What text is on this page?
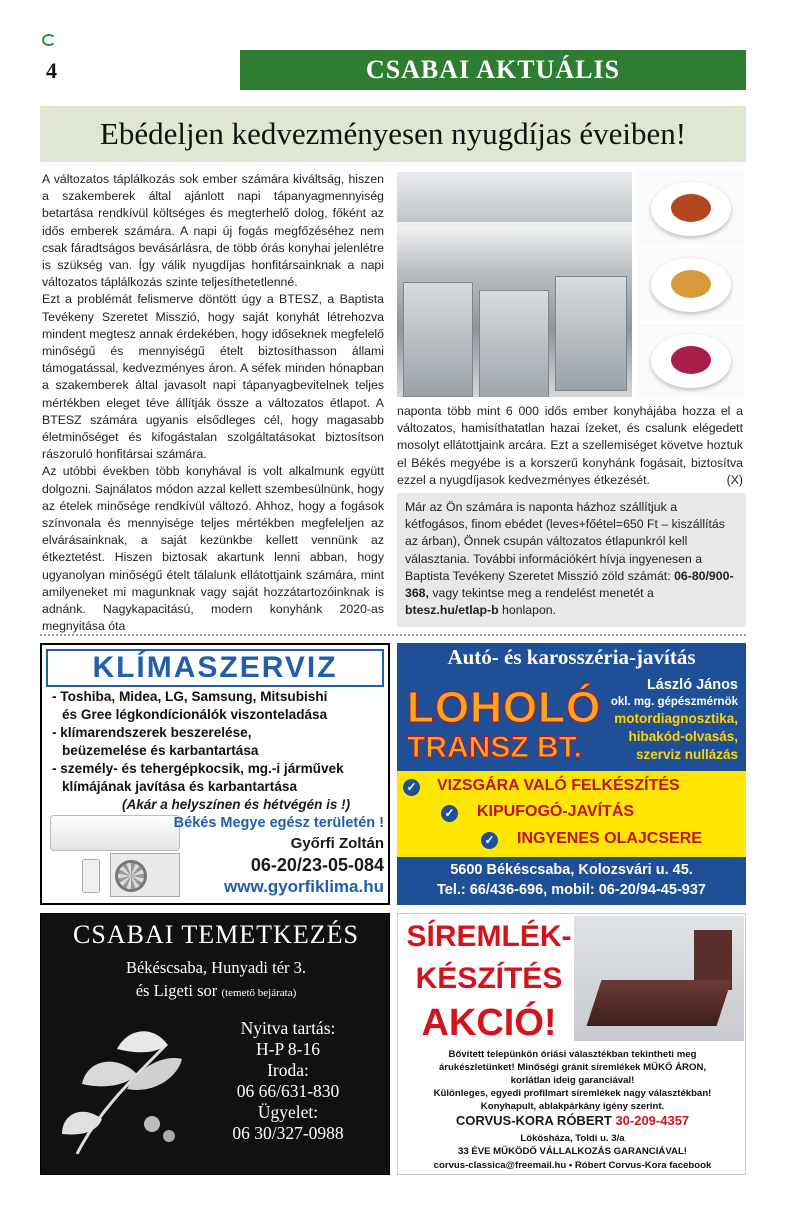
4	CSABAI AKTUÁLIS
Ebédeljen kedvezményesen nyugdíjas éveiben!

A változatos táplálkozás sok ember számára kiváltság, hiszen a szakemberek által ajánlott napi tápanyagmennyiség betartása rendkívül költséges és megterhelő dolog, főként az idős emberek számára. A napi új fogás megfőzéséhez nem csak fáradtságos bevásárlásra, de több órás konyhai jelenlétre is szükség van. Így válik nyugdíjas honfitársainknak a napi változatos táplálkozás szinte teljesíthetetlenné.

Ezt a problémát felismerve döntött úgy a BTESZ, a Baptista Tevékeny Szeretet Misszió, hogy saját konyhát létrehozva mindent megtesz annak érdekében, hogy időseknek megfelelő minőségű és mennyiségű ételt biztosíthasson állami támogatással, kedvezményes áron. A séfek minden hónapban a szakemberek által javasolt napi tápanyagbevitelnek teljes mértékben eleget téve állítják össze a változatos étlapot. A BTESZ számára ugyanis elsődleges cél, hogy magasabb életminőséget és kifogástalan szolgáltatásokat biztosítson rászoruló honfitársai számára.

Az utóbbi években több konyhával is volt alkalmunk együtt dolgozni. Sajnálatos módon azzal kellett szembesülnünk, hogy az ételek minősége rendkívül változó. Ahhoz, hogy a fogások színvonala és mennyisége teljes mértékben megfeleljen az elvárásainknak, a saját kezünkbe kellett vennünk az étkeztetést. Hiszen biztosak akartunk lenni abban, hogy ugyanolyan minőségű ételt tálalunk ellátottjaink számára, mint amilyeneket mi magunknak vagy saját hozzátartozóinknak is adnánk. Nagykapacitású, modern konyhánk 2020-as megnyitása óta

naponta több mint 6 000 idős ember konyhájába hozza el a változatos, hamisíthatatlan hazai ízeket, és csalunk elégedett mosolyt ellátottjaink arcára. Ezt a szellemiséget követve hoztuk el Békés megyébe is a korszerű konyhánk fogásait, biztosítva ezzel a nyugdíjasok kedvezményes étkezését.	(X)
Már az Ön számára is naponta házhoz szállítjuk a kétfogásos, finom ebédet (leves+főétel=650 Ft – kiszállítás az árban), Önnek csupán változatos étlapunkról kell választania. További információkért hívja ingyenesen a Baptista Tevékeny Szeretet Misszió zöld számát: 06-80/900-368, vagy tekintse meg a rendelést menetét a btesz.hu/etlap-b honlapon.
KLÍMASZERVIZ
- Toshiba, Midea, LG, Samsung, Mitsubishi
és Gree légkondícionálók viszonteladása
- klímarendszerek beszerelése,
beüzemelése és karbantartása
- személy- és tehergépkocsik, mg.-i járművek
klímájának javítása és karbantartása
(Akár a helyszínen és hétvégén is !)
Békés Megye egész területén !
Győrfi Zoltán
06-20/23-05-084
www.gyorfiklima.hu
Autó- és karosszéria-javítás
László János
okl. mg. gépészmérnök
motordiagnosztika,
hibakód-olvasás,
szerviz nullázás
LOHOLÓ
TRANSZ BT.
✓ VIZSGÁRA VALÓ FELKÉSZÍTÉS
✓ KIPUFOGÓ-JAVÍTÁS
✓ INGYENES OLAJCSERE
5600 Békéscsaba, Kolozsvári u. 45.
Tel.: 66/436-696, mobil: 06-20/94-45-937
CSABAI TEMETKEZÉS
Békéscsaba, Hunyadi tér 3.
és Ligeti sor (temető bejárata)
Nyitva tartás:
H-P 8-16
Iroda:
06 66/631-830
Ügyelet:
06 30/327-0988
SÍREMLÉK-
KÉSZÍTÉS
AKCIÓ!
Bővített telepünkön óriási választékban tekintheti meg
árukészletünket! Minőségi gránit síremlékek MŰKŐ ÁRON,
korlátlan ideig garanciával!
Különleges, egyedi profilmart síremlékek nagy választékban!
Konyhapult, ablakpárkány igény szerint.
CORVUS-KORA RÓBERT 30-209-4357
Lökösháza, Toldi u. 3/a
33 ÉVE MŰKÖDŐ VÁLLALKOZÁS GARANCIÁVAL!
corvus-classica@freemail.hu • Róbert Corvus-Kora facebook
